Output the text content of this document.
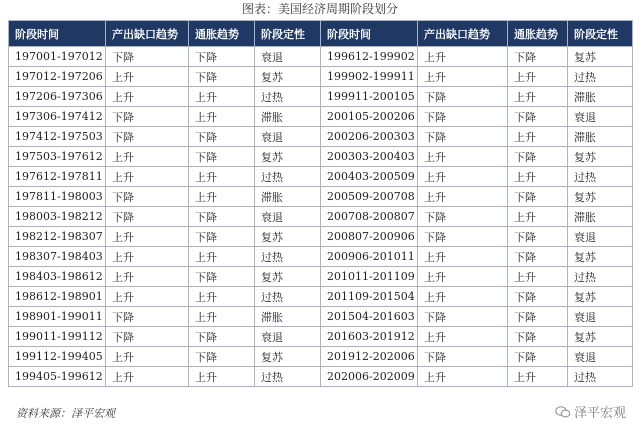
图表：美国经济周期阶段划分
阶段时间	产出缺口趋势	通胀趋势	阶段定性	阶段时间	产出缺口趋势	通胀趋势	阶段定性
197001-197012	下降	下降	衰退	199612-199902	上升	下降	复苏
197012-197206	上升	下降	复苏	199902-199911	上升	上升	过热
197206-197306	上升	上升	过热	199911-200105	下降	上升	滞胀
197306-197412	下降	上升	滞胀	200105-200206	下降	下降	衰退
197412-197503	下降	下降	衰退	200206-200303	下降	上升	滞胀
197503-197612	上升	下降	复苏	200303-200403	上升	下降	复苏
197612-197811	上升	上升	过热	200403-200509	上升	上升	过热
197811-198003	下降	上升	滞胀	200509-200708	上升	下降	复苏
198003-198212	下降	下降	衰退	200708-200807	下降	上升	滞胀
198212-198307	上升	下降	复苏	200807-200906	下降	下降	衰退
198307-198403	上升	上升	过热	200906-201011	上升	下降	复苏
198403-198612	上升	下降	复苏	201011-201109	上升	上升	过热
198612-198901	上升	上升	过热	201109-201504	上升	下降	复苏
198901-199011	下降	上升	滞胀	201504-201603	下降	下降	衰退
199011-199112	下降	下降	衰退	201603-201912	上升	下降	复苏
199112-199405	上升	下降	复苏	201912-202006	下降	下降	衰退
199405-199612	上升	上升	过热	202006-202009	上升	上升	过热
资料来源：泽平宏观	泽平宏观
